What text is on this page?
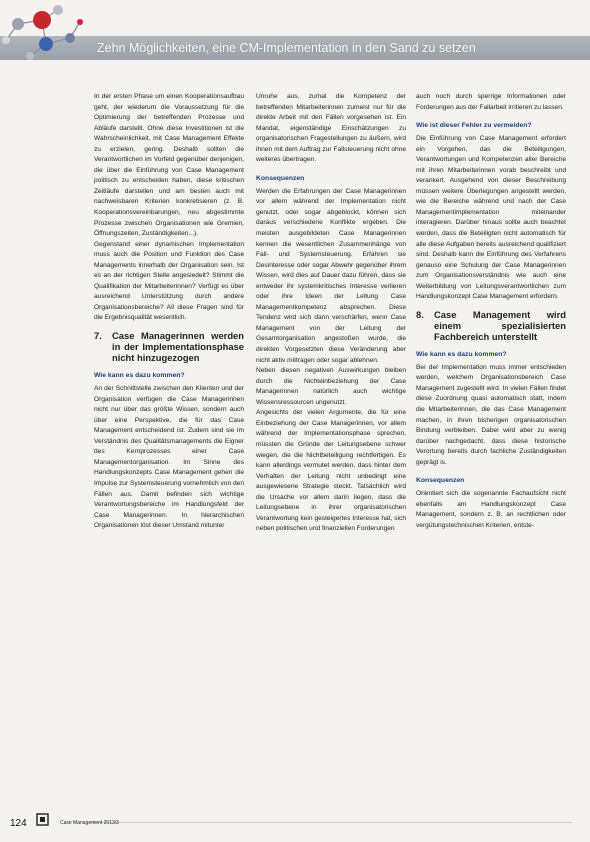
Zehn Möglichkeiten, eine CM-Implementation in den Sand zu setzen

In der ersten Phase um einen Kooperationsaufbau geht, der wiederum die Voraussetzung für die Optimierung der betreffenden Prozesse und Abläufe darstellt. Ohne diese Investitionen ist die Wahrscheinlichkeit, mit Case Management Effekte zu erzielen, gering. Deshalb sollten die Verantwortlichen im Vorfeld gegenüber denjenigen, die über die Einführung von Case Management politisch zu entscheiden haben, diese kritischen Zeitläufe darstellen und am besten auch mit nachweisbaren Kriterien konkretisieren (z. B. Kooperationsvereinbarungen, neu abgestimmte Prozesse zwischen Organisationen wie Gremien, Öffnungszeiten, Zuständigkeiten...).

Gegenstand einer dynamischen Implementation muss auch die Position und Funktion des Case Managements innerhalb der Organisation sein. Ist es an der richtigen Stelle angesiedelt? Stimmt die Qualifikation der Mitarbeiterinnen? Verfügt es über ausreichend Unterstützung durch andere Organisationsbereiche? All diese Fragen sind für die Ergebnisqualität wesentlich.

7.	Case Managerinnen werden in der Implementationsphase nicht hinzugezogen
Wie kann es dazu kommen?

An der Schnittstelle zwischen den Klienten und der Organisation verfügen die Case Managerinnen nicht nur über das größte Wissen, sondern auch über eine Perspektive, die für das Case Management entscheidend ist. Zudem sind sie im Verständnis des Qualitätsmanagements die Eigner des Kernprozesses einer Case Managementorganisation. Im Sinne des Handlungskonzepts Case Management gehen die Impulse zur Systemsteuerung vornehmlich von den Fällen aus. Damit befinden sich wichtige Verantwortungsbereiche im Handlungsfeld der Case Managerinnen. In hierarchischen Organisationen löst dieser Umstand mitunter

Unruhe aus, zumal die Kompetenz der betreffenden Mitarbeiterinnen zumeist nur für die direkte Arbeit mit den Fällen vorgesehen ist. Ein Mandat, eigenständige Einschätzungen zu organisatorischen Fragestellungen zu äußern, wird ihnen mit dem Auftrag zur Fallsteuerung nicht ohne weiteres übertragen.

Konsequenzen

Werden die Erfahrungen der Case Managerinnen vor allem während der Implementation nicht genutzt, oder sogar abgeblockt, können sich daraus verschiedene Konflikte ergeben. Die meisten ausgebildeten Case Managerinnen kennen die wesentlichen Zusammenhänge von Fall- und Systemsteuerung. Erfahren sie Desinteresse oder sogar Abwehr gegenüber ihrem Wissen, wird dies auf Dauer dazu führen, dass sie entweder ihr systemkritisches Interesse verlieren oder ihre Ideen der Leitung Case Managementkompetenz absprechen. Diese Tendenz wird sich dann verschärfen, wenn Case Management von der Leitung der Gesamtorganisation angestoßen wurde, die direkten Vorgesetzten diese Veränderung aber nicht aktiv mittragen oder sogar ablehnen.

Neben diesen negativen Auswirkungen bleiben durch die Nichteinbeziehung der Case Managerinnen natürlich auch wichtige Wissensressourcen ungenutzt.

Angesichts der vielen Argumente, die für eine Einbeziehung der Case Managerinnen, vor allem während der Implementationsphase sprechen, müssten die Gründe der Leitungsebene schwer wiegen, die die Nichtbeteiligung rechtfertigen. Es kann allerdings vermutet werden, dass hinter dem Verhalten der Leitung nicht unbedingt eine ausgewiesene Strategie steckt. Tatsächlich wird die Ursache vor allem darin liegen, dass die Leitungsebene in ihrer organisatorischen Verantwortung kein gesteigertes Interesse hat, sich neben politischen und finanziellen Forderungen

auch noch durch sperrige Informationen oder Forderungen aus der Fallarbeit irritieren zu lassen.

Wie ist dieser Fehler zu vermeiden?

Die Einführung von Case Management erfordert ein Vorgehen, das die Beteiligungen, Verantwortungen und Kompetenzen aller Bereiche mit ihren Mitarbeiterinnen vorab beschreibt und verankert. Ausgehend von dieser Beschreibung müssen weitere Überlegungen angestellt werden, wie die Bereiche während und nach der Case Managementimplementation miteinander interagieren. Darüber hinaus sollte auch beachtet werden, dass die Beteiligten nicht automatisch für alle diese Aufgaben bereits ausreichend qualifiziert sind. Deshalb kann die Einführung des Verfahrens genauso eine Schulung der Case Managerinnen zum Organisationsverständnis wie auch eine Weiterbildung von Leitungsverantwortlichen zum Handlungskonzept Case Management erfordern.

8.	Case Management wird einem spezialisierten Fachbereich unterstellt
Wie kann es dazu kommen?

Bei der Implementation muss immer entschieden werden, welchem Organisationsbereich Case Management zugestellt wird. In vielen Fällen findet diese Zuordnung quasi automatisch statt, indem die Mitarbeiterinnen, die das Case Management machen, in ihren bisherigen organisatorischen Bindung verbleiben. Dabei wird aber zu wenig darüber nachgedacht, dass diese historische Verortung bereits durch fachliche Zuständigkeiten geprägt is.

Konsequenzen

Orientiert sich die sogenannte Fachaufsicht nicht ebenfalls am Handlungskonzept Case Management, sondern z. B. an rechtlichen oder vergütungstechnischen Kriterien, entste-

124	Case Management 2013/3
